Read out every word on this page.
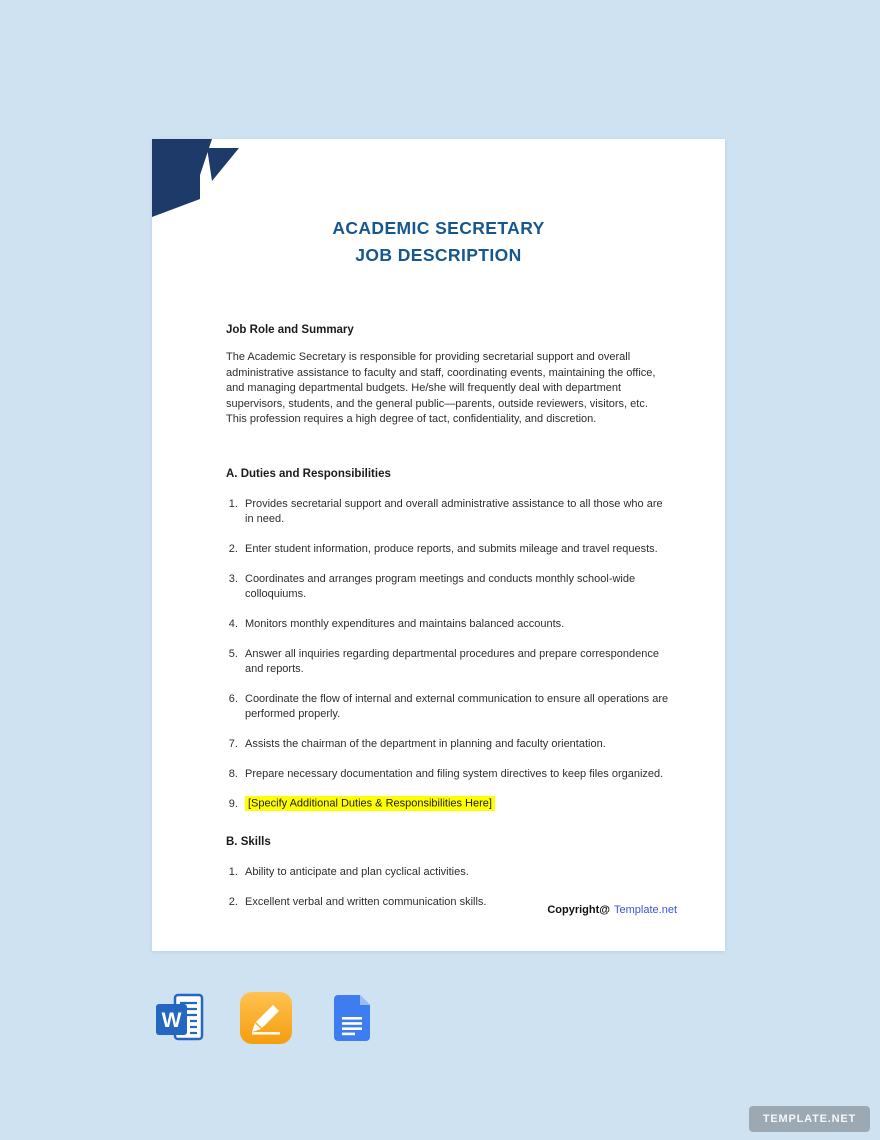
ACADEMIC SECRETARY
JOB DESCRIPTION
Job Role and Summary

The Academic Secretary is responsible for providing secretarial support and overall administrative assistance to faculty and staff, coordinating events, maintaining the office, and managing departmental budgets. He/she will frequently deal with department supervisors, students, and the general public—parents, outside reviewers, visitors, etc. This profession requires a high degree of tact, confidentiality, and discretion.

A. Duties and Responsibilities
1. Provides secretarial support and overall administrative assistance to all those who are in need.
2. Enter student information, produce reports, and submits mileage and travel requests.
3. Coordinates and arranges program meetings and conducts monthly school-wide colloquiums.
4. Monitors monthly expenditures and maintains balanced accounts.
5. Answer all inquiries regarding departmental procedures and prepare correspondence and reports.
6. Coordinate the flow of internal and external communication to ensure all operations are performed properly.
7. Assists the chairman of the department in planning and faculty orientation.
8. Prepare necessary documentation and filing system directives to keep files organized.
9. [Specify Additional Duties & Responsibilities Here]
B. Skills
1. Ability to anticipate and plan cyclical activities.
2. Excellent verbal and written communication skills.
Copyright@ Template.net
W
TEMPLATE.NET
